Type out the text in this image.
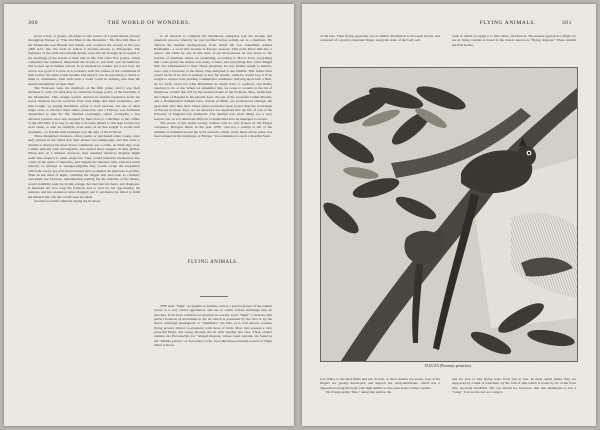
300	THE WORLD OF WONDERS.

seven wives, or grades, all subject to the control of a grand master, known throughout Europe as "The Old Man of the Mountain." The first Old Man of the Mountains was Hassan ben Sabah, who acquired the society in the year 1090 A.D. into the form in which it became known to Europeans. The members of the sixth and seventh grades were strictly brought up in regard to the teachings of the Koran at their rule in life. The other five grades, which comprised the initiated, interpreted the Koran to suit their own inclinations, and looked upon human actions as in themselves neither good nor bad. An action was good if it were in accordance with the wishes of the commands of their leader; the same action became bad when it was in opposition or threat to them or commands. Men with such a creed could be nothing else than the merest instruments of their chief.

The Fedavees were the members of the fifth grade, and it was their business to carry out what may be called the foreign policy of the Old Man of the Mountains. This strange society derived its fearful reputation from the secret missions that he received from even kings and other potentates, who thus bought, by paying blackmail, safety to their persons. Let one of these kings cease to advance these rulers protection, and a Fedavee was forthwith despatched to take his life. Besides sovereigns, others occupying a less elevated position were also dropped by their fears to contribute to the coffers of the Old Man. It is easy to see that a recourse denied to this sign would very soon cause, to take an example, even seats of all that sought to evade such payments—to furnish such examples was the duty of the Fedavee.

These misguided creatures, often youths or purchased when young, were early trained in the belief that their master was omnipotent, and that even to attempt to disobey his most trivial commands was a crime. At times they wore a white uniform with red lanyards, and carried sharp daggers in their girdles. When sent on a mission, however, they assumed whatever disguise might seem best adapted to elude suspicion. They would insinuate themselves into courts in the guise of minstrels, and beguile the listeners with wild and weird melody; or perhaps as stranger-pilgrims they would accept the hospitality which the weary eye and travel-stained garb prompted the generous to proffer. Then in the dead of night, clutching the dagger that had been so carefully concealed, the Fedavee, remembering nothing but the mandate of his master, would stealthily seek his victim, plunge the steel into his heart, and disappear. It mattered not how long the Fedavee had to wait for his opportunity; his patience and his resolution never flagged; and if perchance he failed to fulfil his mission his own life would soon be taken.

Another powerful stimulus urging the Fedavee

to all hazards to complete his murderous enterprise was the strange and repulsive process whereby he was fortified before setting out as a murderer. He chewed the hashish (hemp-plant), from which his was sometimes termed Hashishim—a word that became in Europe assassin. This plant threw him into a stupor, and while he was in this state of unconsciousness he was borne to the Garden of Alamout, where on awakening, according to Marco Polo, everything that could please the senses was ready at hand, and everything that could delight him was administered to him. These pleasures, he was further taught to believe, were only a foretaste of the future bliss designed to the faithful. This future bliss would be his if he fell in seeking to slay his master, while he would lose it if he sought to escape from yielding a submissive obedience. Relying upon such a faith, he set forth, cared not what difficulties he might have to confront, and firmly resolved to do or die. When we remember this, we cease to wonder at the list of illustrious victims that fell by the fearless hands of the Fedavee. Men, farfetched, the Caliph of Bagdad in his palatial days, the son of the powerful Caliph Mostali, and a distinguished Turkish ruler, Nizam ul Mulk, are pronounced amongst the great men who thus died. These rulers possessed more power than the sovereigns of Europe in those days; we are therefore not surprised that the life of one of the Edwards of England was attempted. The attempt was, most likely, not a very serious one, as it is otherwise difficult to understand how he managed to escape.

The power of this awful society, Gibbon tells us, was broken by the Mogul conqueror, Holagou Khan, in the year 1256; "and not a vestige is left of the enemies of mankind except the word assassin, which, in the most odious sense, has been adopted in the languages of Europe." Its termination to such a dreadful band.

FLYING ANIMALS.

THE term "flight," as applied to animals, and as a special groups of the animal world, is a very varied appellation, and one to which various meanings may be attached. In its most common acceptation we use the word "flight" to indicate that perfect freedom of movement in the air which is possessed by the bird or by the insect. Amongst quadrupeds, or "mammals," the bats, as is well known, possess flying powers almost co-extensive with those of birds. Most bats possess a very powerful flight, and sweep through the air with rapidity and ease. These extinct reptiles, the Pterodactyls (or "winged-fingers), whose fossil remains are found in the "Middle-period," or Secondary rocks, were likewise possessed powers of flight allied to those

FLYING ANIMALS.	301

of the bats. Their flying apparatus was of similar description to that seen in bats, and consisted of a greatly elongated finger, along the sides of the body and

arms in which we apply it to bats, birds, and insects. The nearest approach to flight we see in flying reptiles is found in the lizards known as "flying dragons." These inhabit the East Indies,

TAGUAN (Pteromys petaurista).

fore limbs, to the hind limbs and tail. In bats, as most readers are aware, four of the fingers are greatly developed, and support the wing-membrane, which has a disposition along the body well-nigh similar to that seen in the extinct reptiles.

No living reptile "flies," using that term in the

and are able to take flying leaps from tree to tree. In these aerial jumps they are supported by a kind of parachute, by the fold of skin which is borne by six of the front ribs, specially modified. We can should be, however, that this membrane is not a "wing." It is not moved as a wing is
